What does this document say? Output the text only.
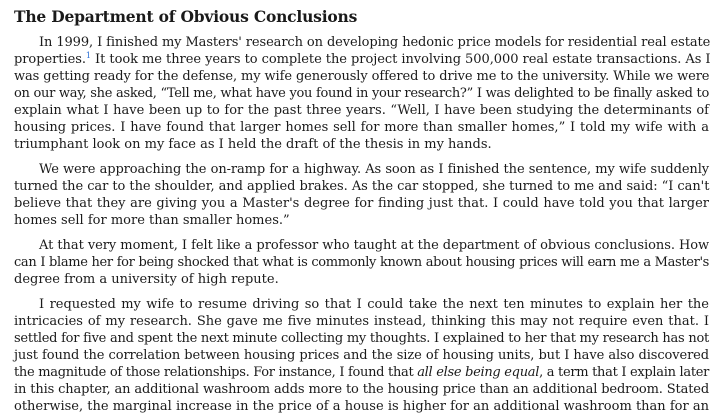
The Department of Obvious Conclusions

In 1999, I finished my Masters' research on developing hedonic price models for residential real estate

properties.$^1$ It took me three years to complete the project involving 500,000 real estate transactions. As I

was getting ready for the defense, my wife generously offered to drive me to the university. While we were

on our way, she asked, “Tell me, what have you found in your research?” I was delighted to be finally asked to

explain what I have been up to for the past three years. “Well, I have been studying the determinants of

housing prices. I have found that larger homes sell for more than smaller homes,” I told my wife with a

triumphant look on my face as I held the draft of the thesis in my hands.

We were approaching the on-ramp for a highway. As soon as I finished the sentence, my wife suddenly

turned the car to the shoulder, and applied brakes. As the car stopped, she turned to me and said: “I can't

believe that they are giving you a Master's degree for finding just that. I could have told you that larger

homes sell for more than smaller homes.”

At that very moment, I felt like a professor who taught at the department of obvious conclusions. How

can I blame her for being shocked that what is commonly known about housing prices will earn me a Master's

degree from a university of high repute.

I requested my wife to resume driving so that I could take the next ten minutes to explain her the

intricacies of my research. She gave me five minutes instead, thinking this may not require even that. I

settled for five and spent the next minute collecting my thoughts. I explained to her that my research has not

just found the correlation between housing prices and the size of housing units, but I have also discovered

the magnitude of those relationships. For instance, I found that all else being equal, a term that I explain later

in this chapter, an additional washroom adds more to the housing price than an additional bedroom. Stated

otherwise, the marginal increase in the price of a house is higher for an additional washroom than for an
